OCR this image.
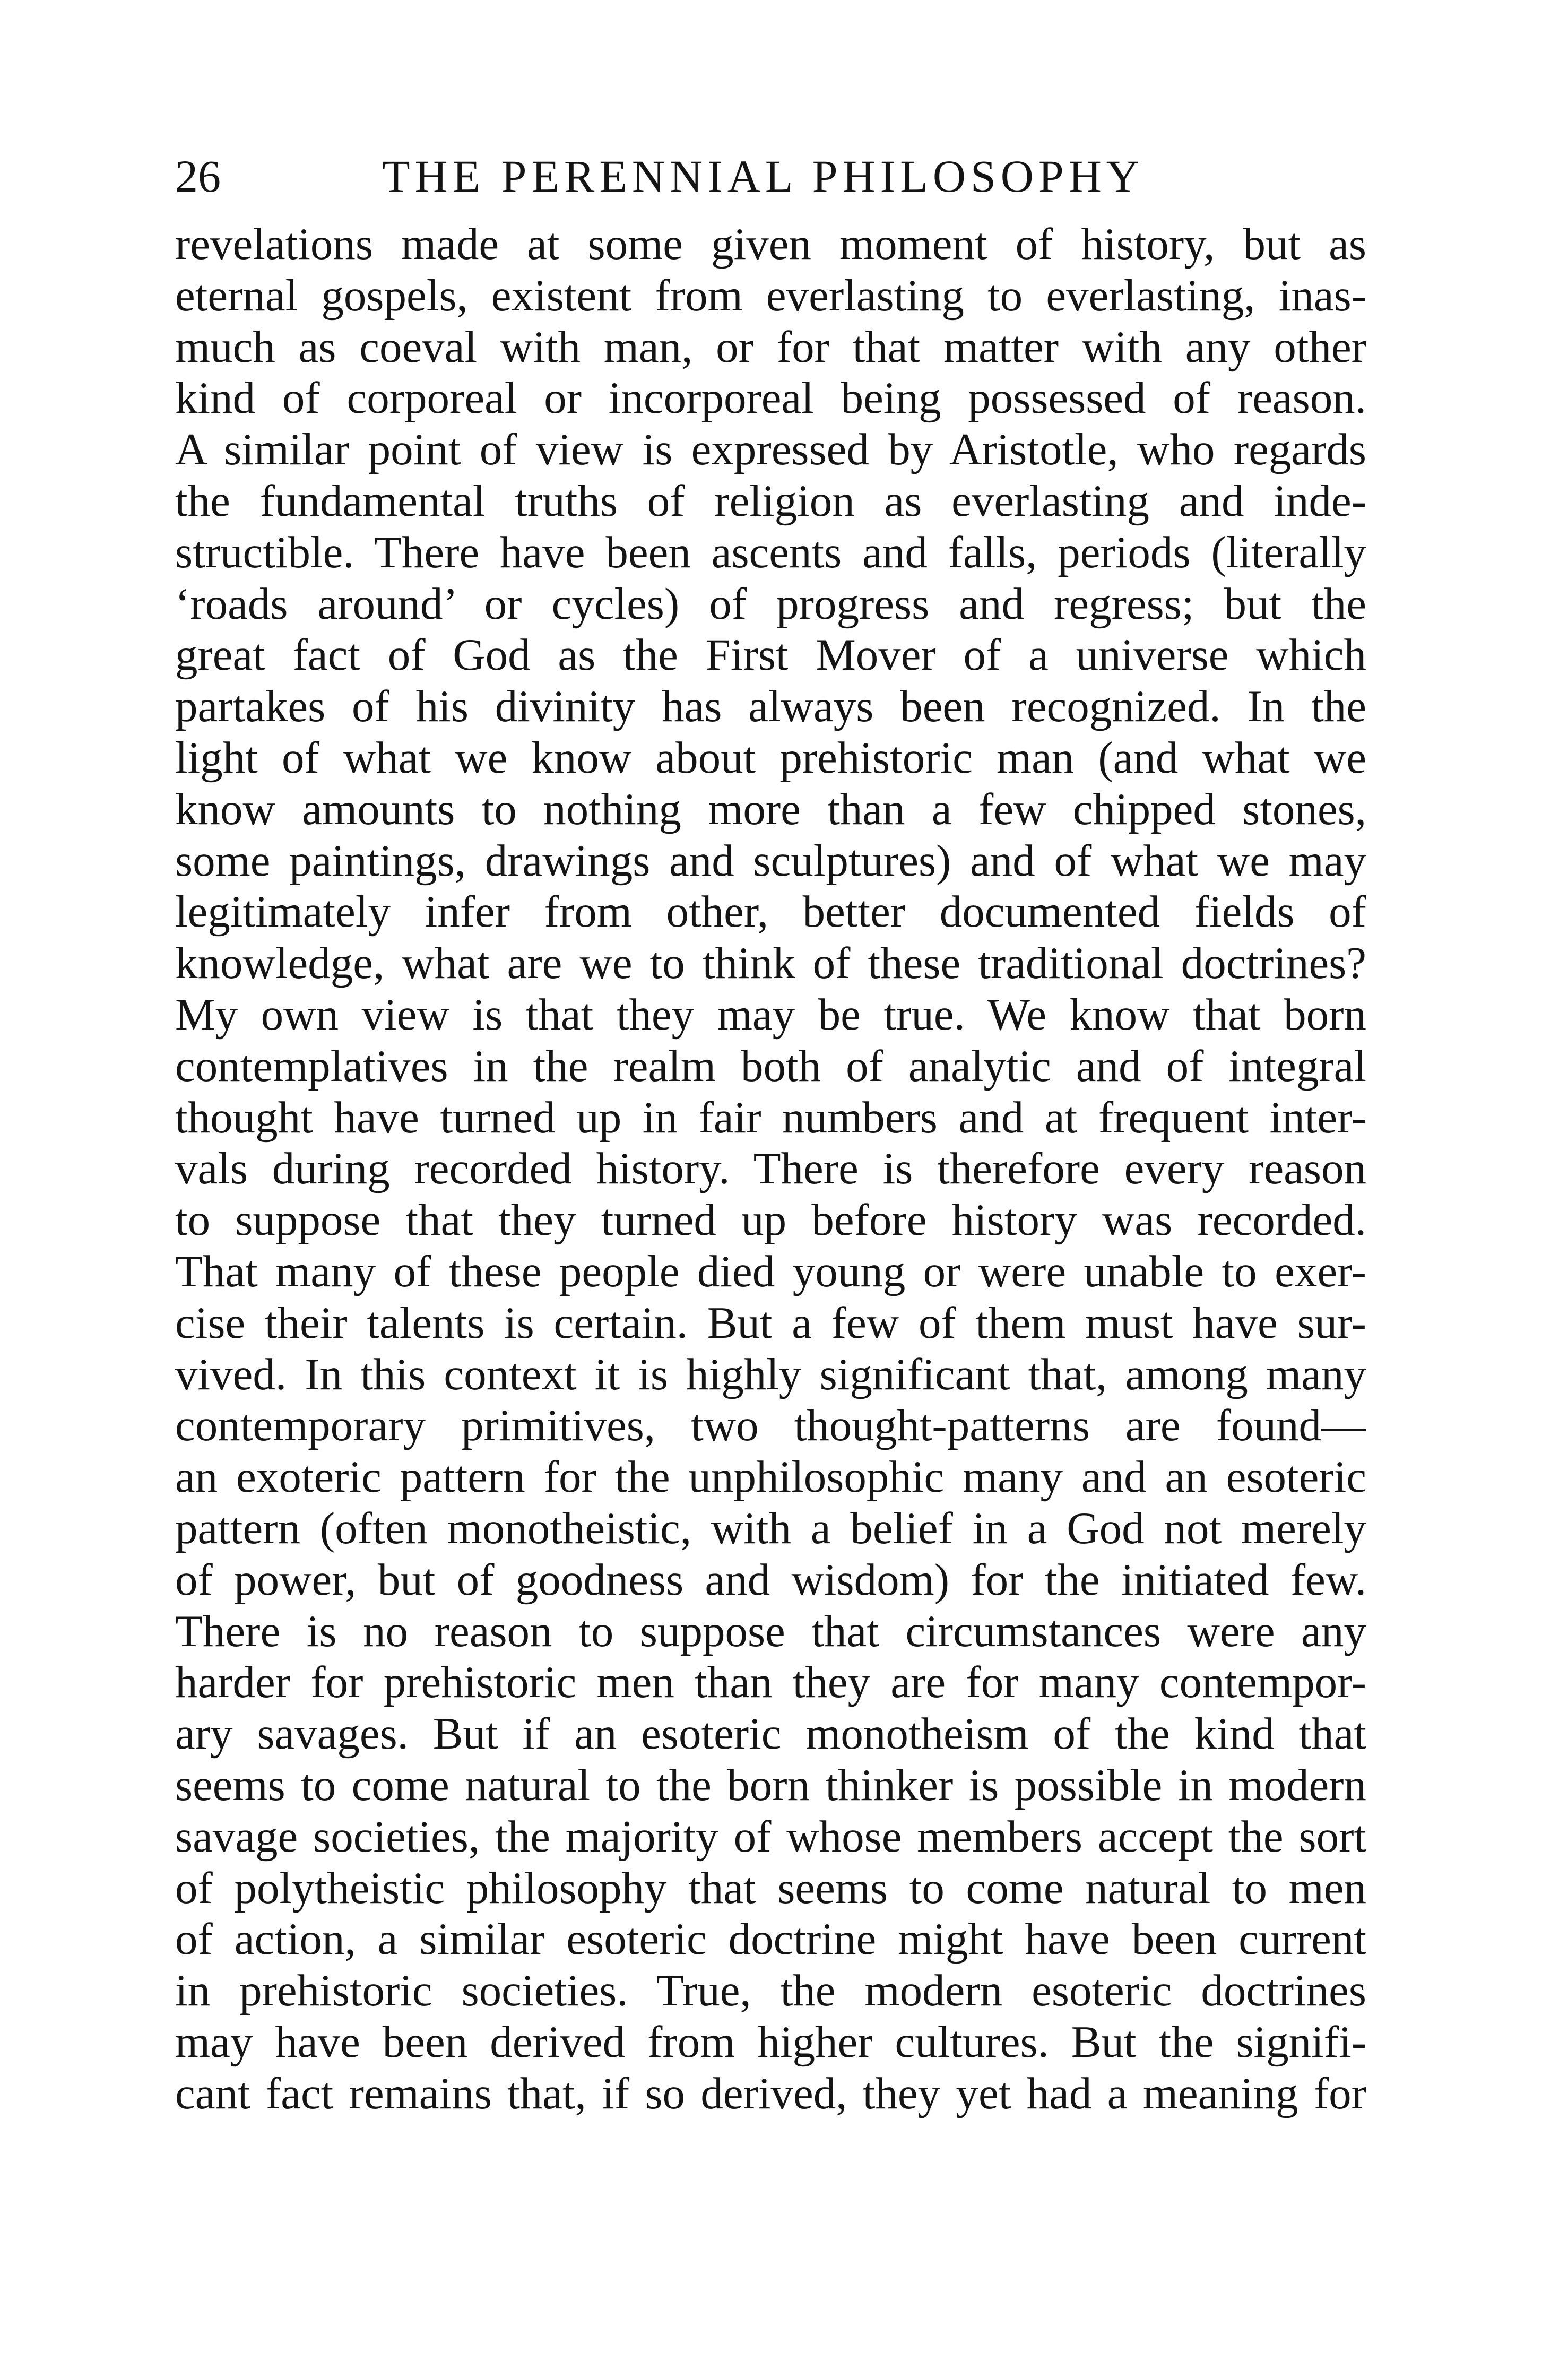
26	THE PERENNIAL PHILOSOPHY
revelations made at some given moment of history, but as
eternal gospels, existent from everlasting to everlasting, inas-
much as coeval with man, or for that matter with any other
kind of corporeal or incorporeal being possessed of reason.
A similar point of view is expressed by Aristotle, who regards
the fundamental truths of religion as everlasting and inde-
structible. There have been ascents and falls, periods (literally
‘roads around’ or cycles) of progress and regress; but the
great fact of God as the First Mover of a universe which
partakes of his divinity has always been recognized. In the
light of what we know about prehistoric man (and what we
know amounts to nothing more than a few chipped stones,
some paintings, drawings and sculptures) and of what we may
legitimately infer from other, better documented fields of
knowledge, what are we to think of these traditional doctrines?
My own view is that they may be true. We know that born
contemplatives in the realm both of analytic and of integral
thought have turned up in fair numbers and at frequent inter-
vals during recorded history. There is therefore every reason
to suppose that they turned up before history was recorded.
That many of these people died young or were unable to exer-
cise their talents is certain. But a few of them must have sur-
vived. In this context it is highly significant that, among many
contemporary primitives, two thought-patterns are found—
an exoteric pattern for the unphilosophic many and an esoteric
pattern (often monotheistic, with a belief in a God not merely
of power, but of goodness and wisdom) for the initiated few.
There is no reason to suppose that circumstances were any
harder for prehistoric men than they are for many contempor-
ary savages. But if an esoteric monotheism of the kind that
seems to come natural to the born thinker is possible in modern
savage societies, the majority of whose members accept the sort
of polytheistic philosophy that seems to come natural to men
of action, a similar esoteric doctrine might have been current
in prehistoric societies. True, the modern esoteric doctrines
may have been derived from higher cultures. But the signifi-
cant fact remains that, if so derived, they yet had a meaning for
